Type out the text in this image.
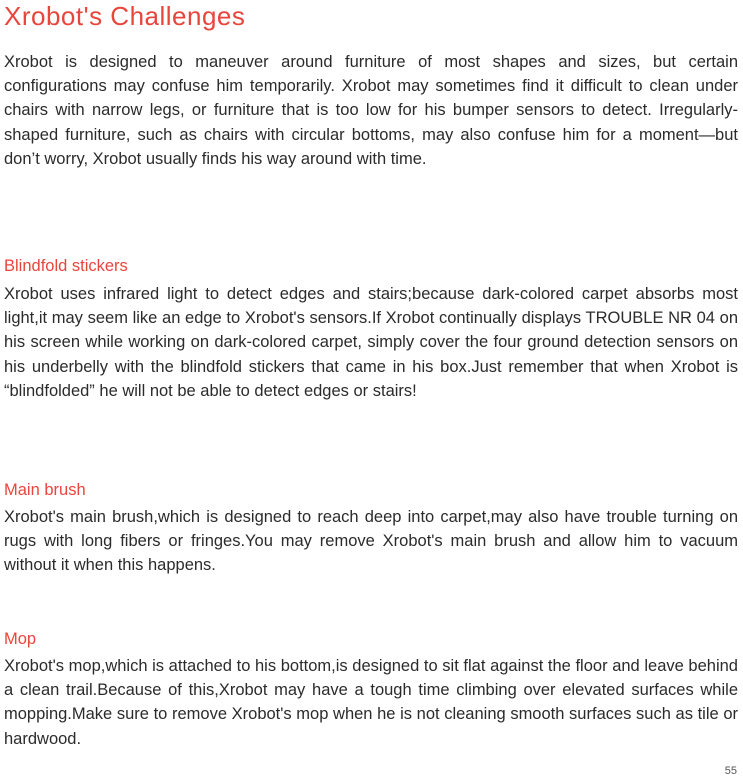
Xrobot's Challenges

Xrobot is designed to maneuver around furniture of most shapes and sizes, but certain configurations may confuse him temporarily. Xrobot may sometimes find it difficult to clean under chairs with narrow legs, or furniture that is too low for his bumper sensors to detect. Irregularly-shaped furniture, such as chairs with circular bottoms, may also confuse him for a moment—but don’t worry, Xrobot usually finds his way around with time.

Blindfold stickers

Xrobot uses infrared light to detect edges and stairs;because dark-colored carpet absorbs most light,it may seem like an edge to Xrobot's sensors.If Xrobot continually displays TROUBLE NR 04 on his screen while working on dark-colored carpet, simply cover the four ground detection sensors on his underbelly with the blindfold stickers that came in his box.Just remember that when Xrobot is “blindfolded” he will not be able to detect edges or stairs!

Main brush

Xrobot's main brush,which is designed to reach deep into carpet,may also have trouble turning on rugs with long fibers or fringes.You may remove Xrobot's main brush and allow him to vacuum without it when this happens.

Mop

Xrobot's mop,which is attached to his bottom,is designed to sit flat against the floor and leave behind a clean trail.Because of this,Xrobot may have a tough time climbing over elevated surfaces while mopping.Make sure to remove Xrobot's mop when he is not cleaning smooth surfaces such as tile or hardwood.

55
